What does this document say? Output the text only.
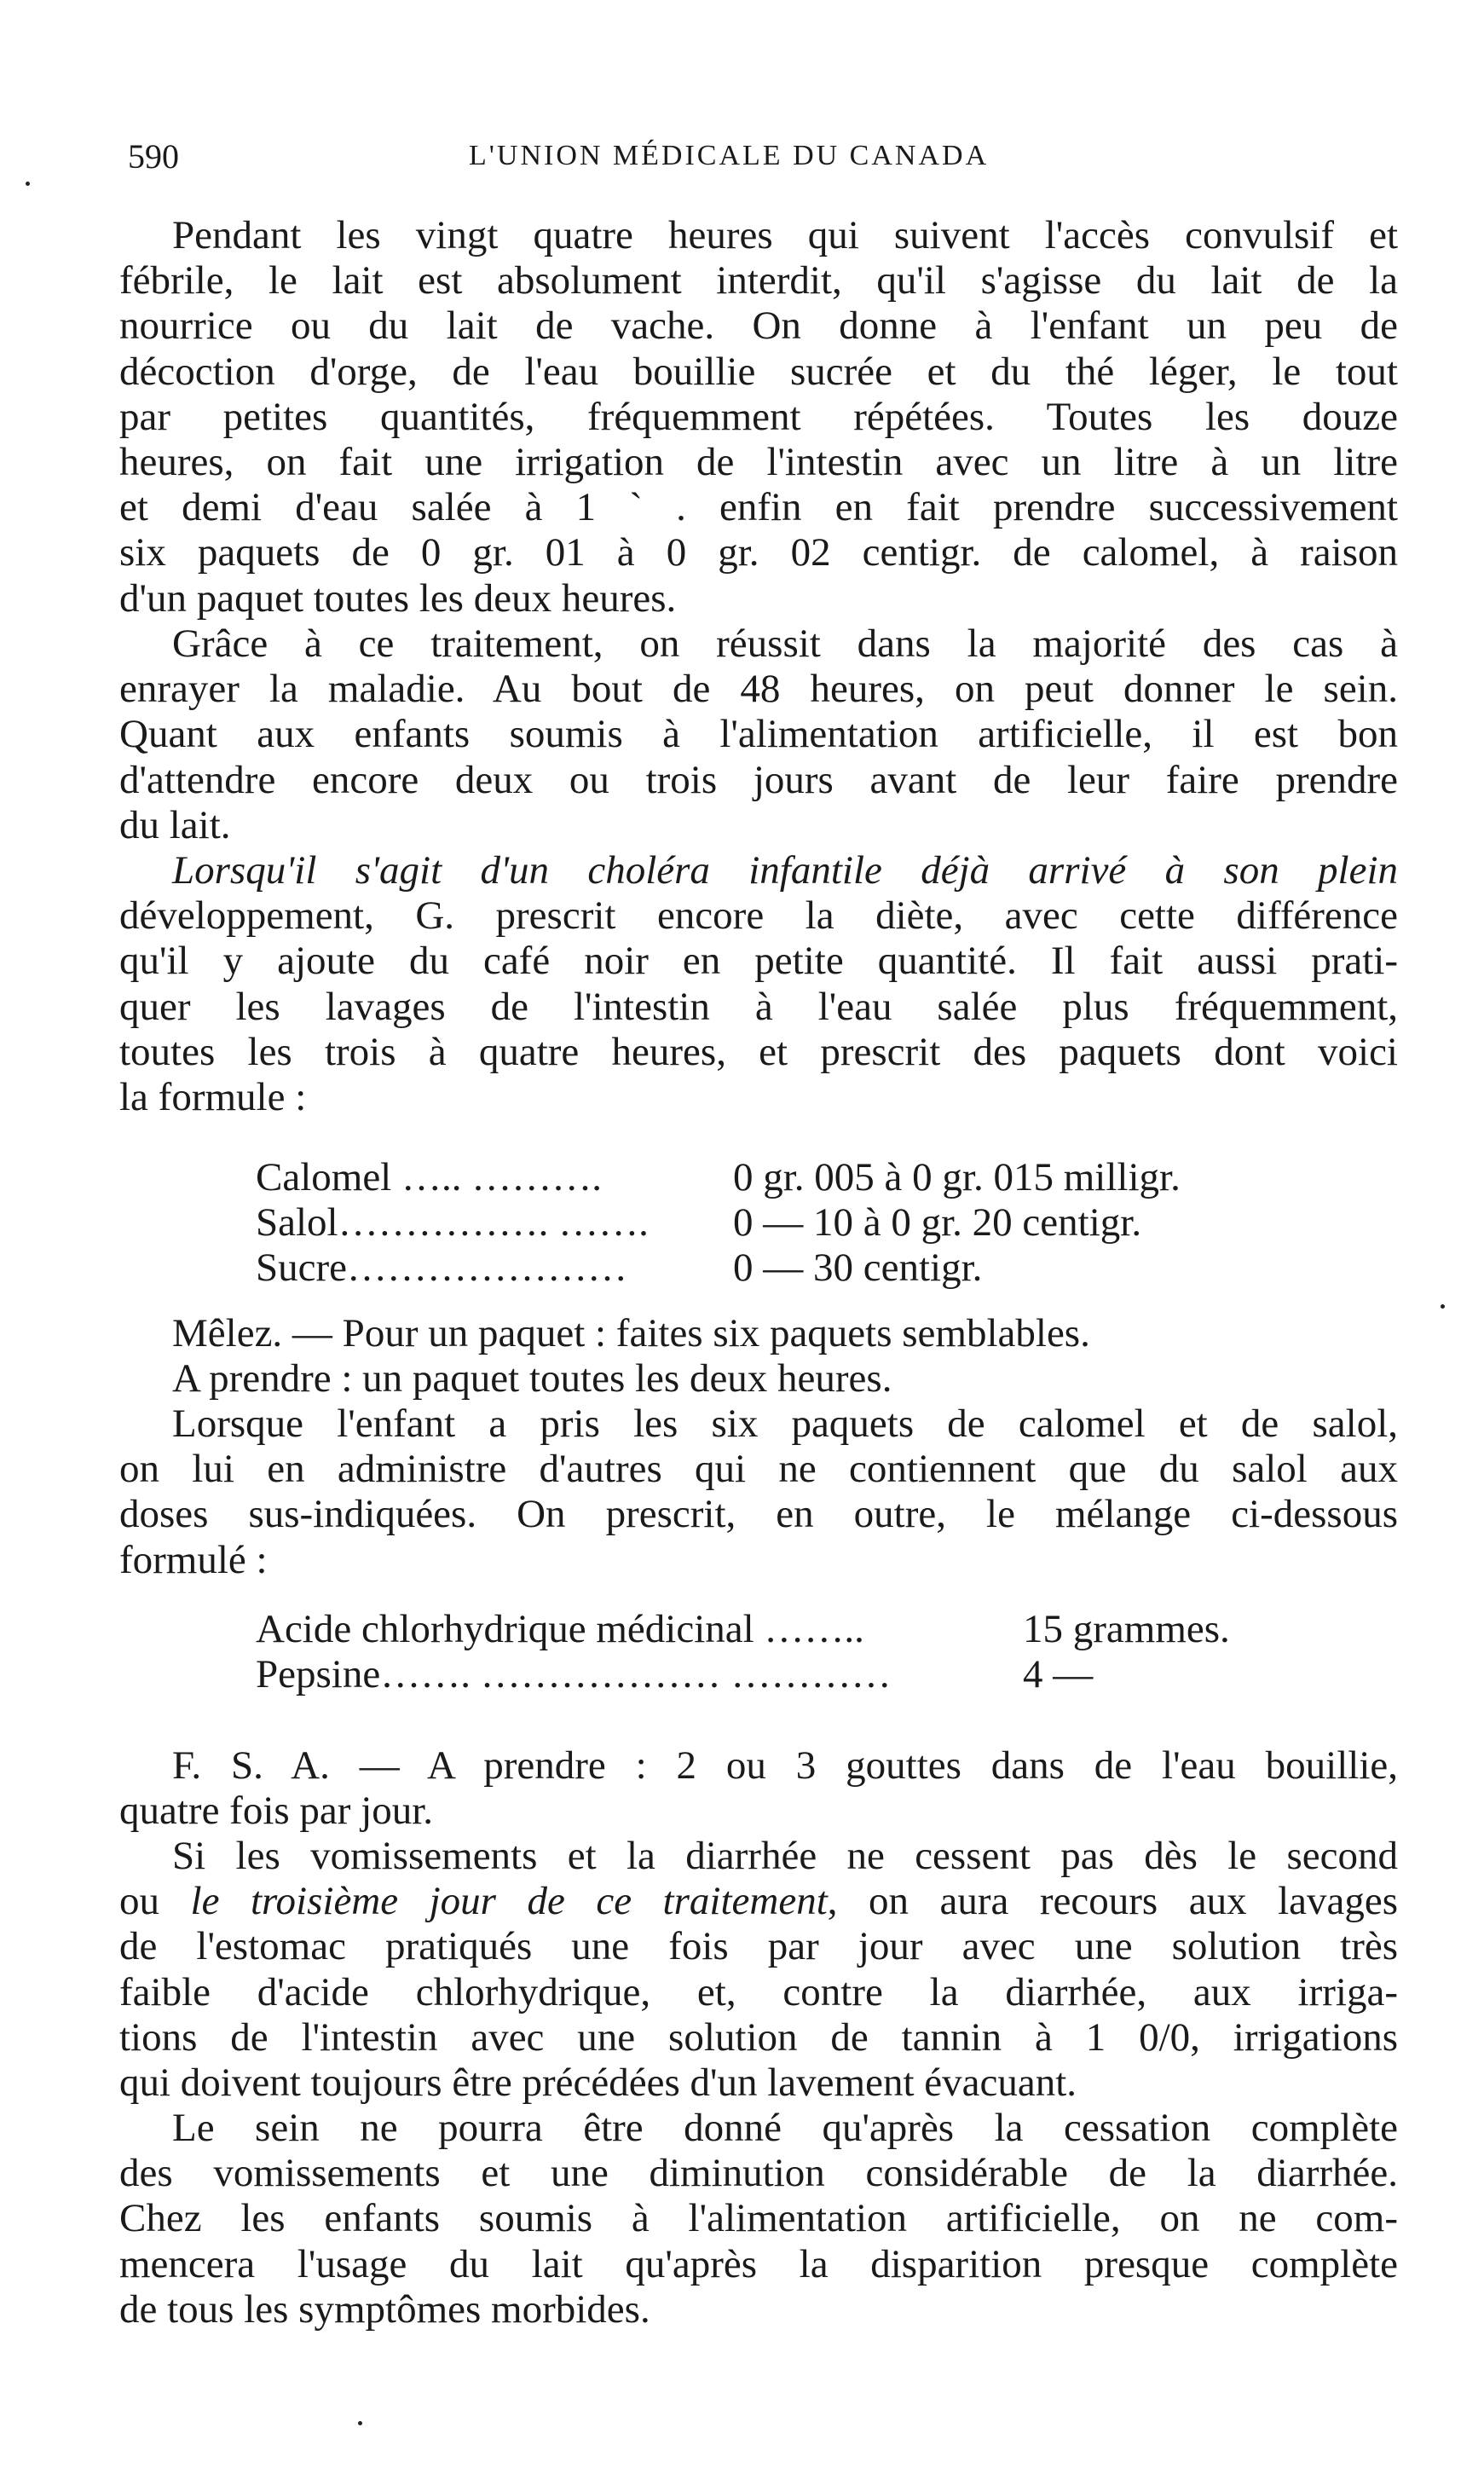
590	L'UNION MÉDICALE DU CANADA
Pendant les vingt quatre heures qui suivent l'accès convulsif et
fébrile, le lait est absolument interdit, qu'il s'agisse du lait de la
nourrice ou du lait de vache. On donne à l'enfant un peu de
décoction d'orge, de l'eau bouillie sucrée et du thé léger, le tout
par petites quantités, fréquemment répétées. Toutes les douze
heures, on fait une irrigation de l'intestin avec un litre à un litre
et demi d'eau salée à 1 ` . enfin en fait prendre successivement
six paquets de 0 gr. 01 à 0 gr. 02 centigr. de calomel, à raison
d'un paquet toutes les deux heures.
Grâce à ce traitement, on réussit dans la majorité des cas à
enrayer la maladie. Au bout de 48 heures, on peut donner le sein.
Quant aux enfants soumis à l'alimentation artificielle, il est bon
d'attendre encore deux ou trois jours avant de leur faire prendre
du lait.
Lorsqu'il s'agit d'un choléra infantile déjà arrivé à son plein
développement, G. prescrit encore la diète, avec cette différence
qu'il y ajoute du café noir en petite quantité. Il fait aussi prati-
quer les lavages de l'intestin à l'eau salée plus fréquemment,
toutes les trois à quatre heures, et prescrit des paquets dont voici
la formule :
Calomel ….. ……….	0 gr. 005 à 0 gr. 015 milligr.
Salol……………. ……. 0 — 10 à 0 gr. 20 centigr.
Sucre…………………	0 — 30 centigr.
Mêlez. — Pour un paquet : faites six paquets semblables.
A prendre : un paquet toutes les deux heures.
Lorsque l'enfant a pris les six paquets de calomel et de salol,
on lui en administre d'autres qui ne contiennent que du salol aux
doses sus-indiquées. On prescrit, en outre, le mélange ci-dessous
formulé :
Acide chlorhydrique médicinal ……..	15 grammes.
Pepsine……. ……………… …………	4 —
F. S. A. — A prendre : 2 ou 3 gouttes dans de l'eau bouillie,
quatre fois par jour.
Si les vomissements et la diarrhée ne cessent pas dès le second
ou le troisième jour de ce traitement, on aura recours aux lavages
de l'estomac pratiqués une fois par jour avec une solution très
faible d'acide chlorhydrique, et, contre la diarrhée, aux irriga-
tions de l'intestin avec une solution de tannin à 1 0/0, irrigations
qui doivent toujours être précédées d'un lavement évacuant.
Le sein ne pourra être donné qu'après la cessation complète
des vomissements et une diminution considérable de la diarrhée.
Chez les enfants soumis à l'alimentation artificielle, on ne com-
mencera l'usage du lait qu'après la disparition presque complète
de tous les symptômes morbides.
